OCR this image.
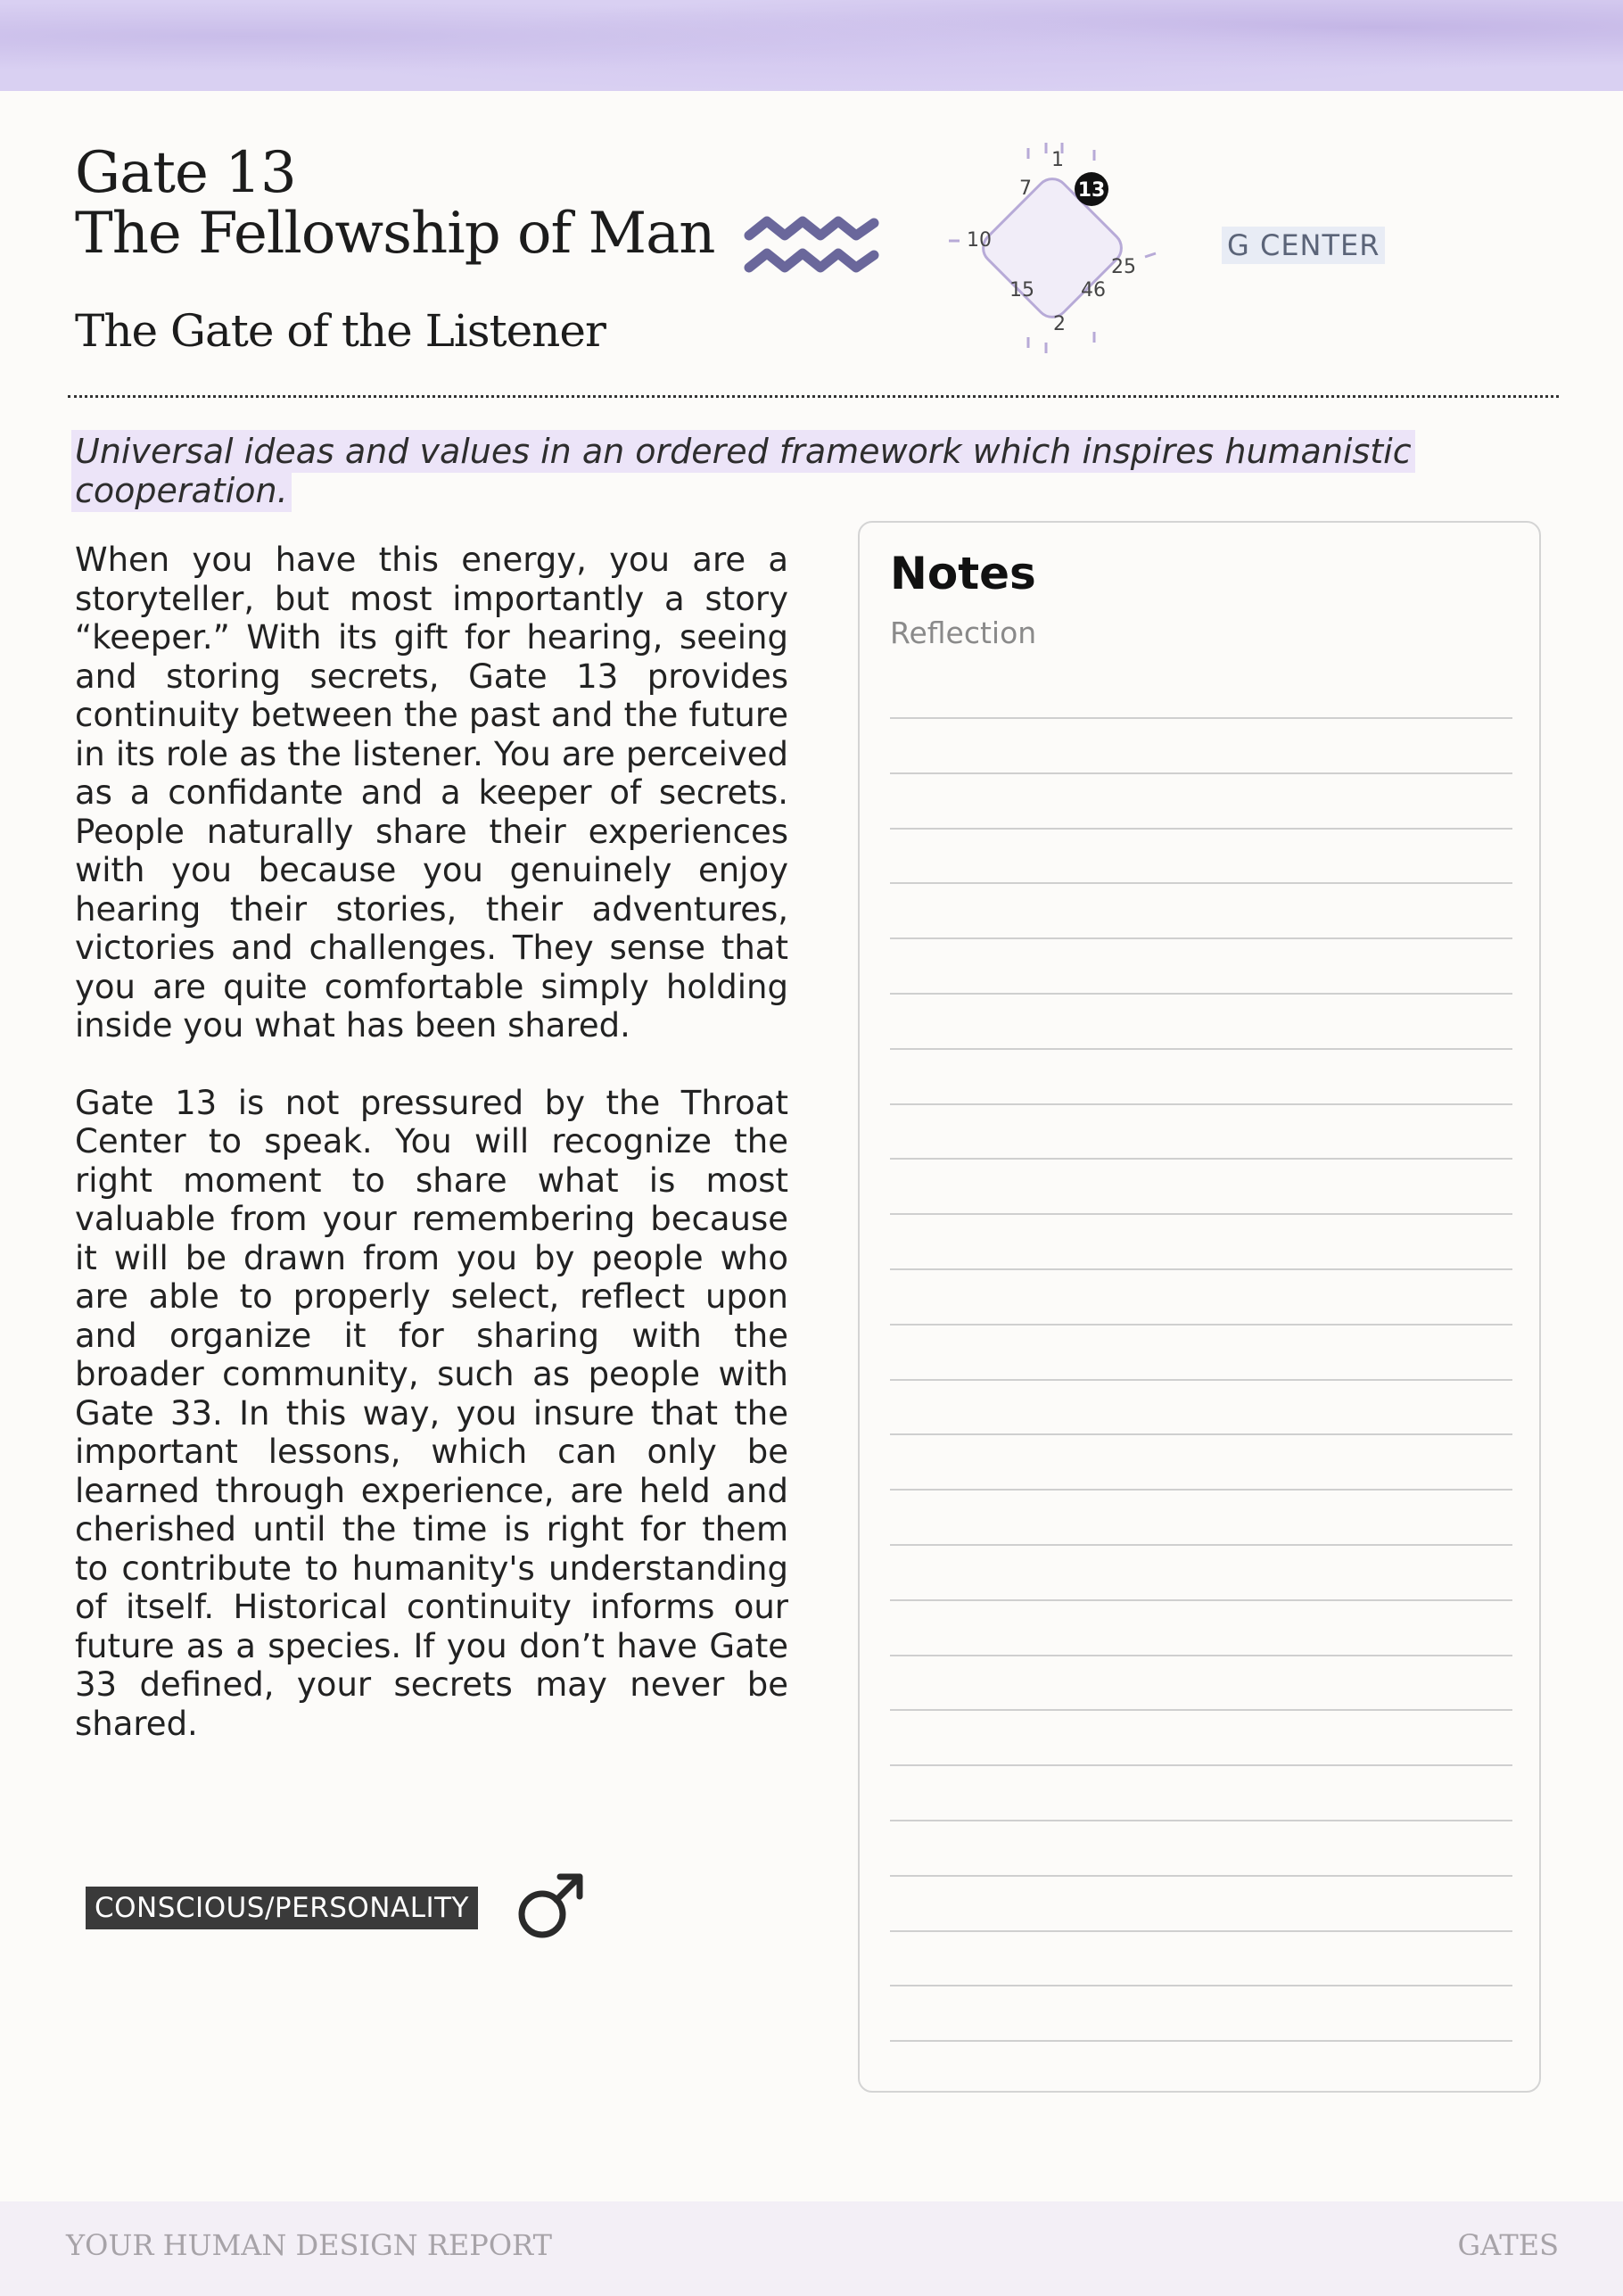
Gate 13
The Fellowship of Man
The Gate of the Listener
1
7
10
25
15 46
2
13
G CENTER
Universal ideas and values in an ordered framework which inspires humanistic cooperation.

When you have this energy, you are a storyteller, but most importantly a story “keeper.” With its gift for hearing, seeing and storing secrets, Gate 13 provides continuity between the past and the future in its role as the listener. You are perceived as a confidante and a keeper of secrets. People naturally share their experiences with you because you genuinely enjoy hearing their stories, their adventures, victories and challenges. They sense that you are quite comfortable simply holding inside you what has been shared.

Gate 13 is not pressured by the Throat Center to speak. You will recognize the right moment to share what is most valuable from your remembering because it will be drawn from you by people who are able to properly select, reflect upon and organize it for sharing with the broader community, such as people with Gate 33. In this way, you insure that the important lessons, which can only be learned through experience, are held and cherished until the time is right for them to contribute to humanity's understanding of itself. Historical continuity informs our future as a species. If you don’t have Gate 33 defined, your secrets may never be shared.

CONSCIOUS/PERSONALITY
Notes
Reflection
YOUR HUMAN DESIGN REPORT	GATES
